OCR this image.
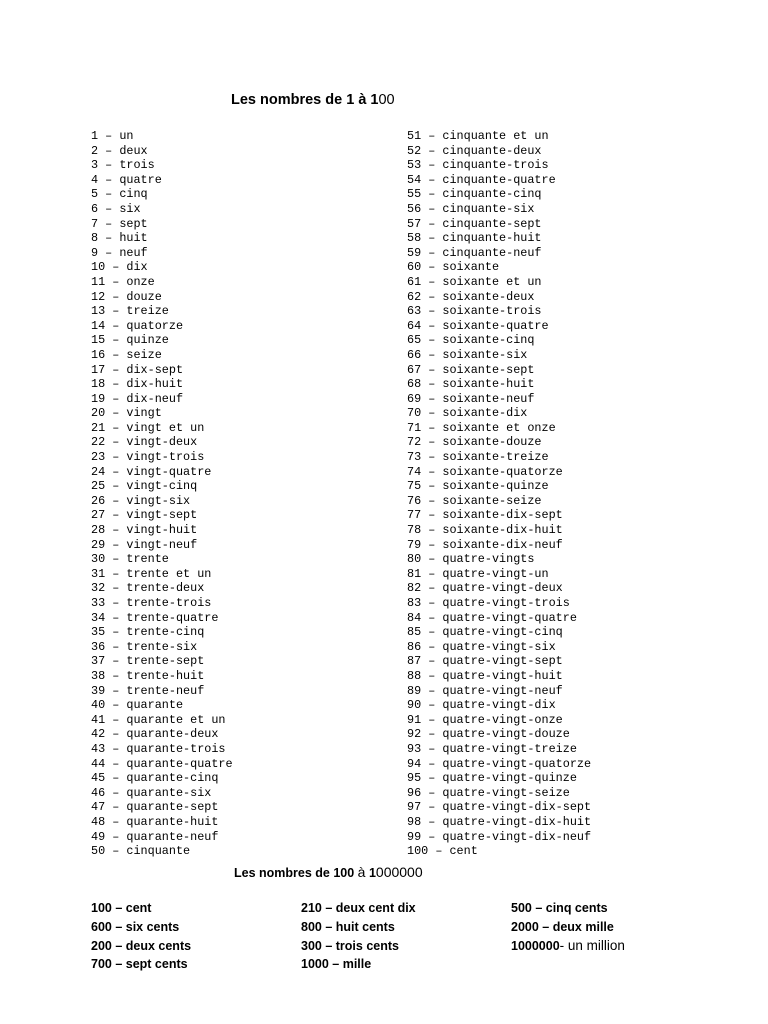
Les nombres de 1 à 100
1 – un
2 – deux
3 – trois
4 – quatre
5 – cinq
6 – six
7 – sept
8 – huit
9 – neuf
10 – dix
11 – onze
12 – douze
13 – treize
14 – quatorze
15 – quinze
16 – seize
17 – dix-sept
18 – dix-huit
19 – dix-neuf
20 – vingt
21 – vingt et un
22 – vingt-deux
23 – vingt-trois
24 – vingt-quatre
25 – vingt-cinq
26 – vingt-six
27 – vingt-sept
28 – vingt-huit
29 – vingt-neuf
30 – trente
31 – trente et un
32 – trente-deux
33 – trente-trois
34 – trente-quatre
35 – trente-cinq
36 – trente-six
37 – trente-sept
38 – trente-huit
39 – trente-neuf
40 – quarante
41 – quarante et un
42 – quarante-deux
43 – quarante-trois
44 – quarante-quatre
45 – quarante-cinq
46 – quarante-six
47 – quarante-sept
48 – quarante-huit
49 – quarante-neuf
50 – cinquante
51 – cinquante et un
52 – cinquante-deux
53 – cinquante-trois
54 – cinquante-quatre
55 – cinquante-cinq
56 – cinquante-six
57 – cinquante-sept
58 – cinquante-huit
59 – cinquante-neuf
60 – soixante
61 – soixante et un
62 – soixante-deux
63 – soixante-trois
64 – soixante-quatre
65 – soixante-cinq
66 – soixante-six
67 – soixante-sept
68 – soixante-huit
69 – soixante-neuf
70 – soixante-dix
71 – soixante et onze
72 – soixante-douze
73 – soixante-treize
74 – soixante-quatorze
75 – soixante-quinze
76 – soixante-seize
77 – soixante-dix-sept
78 – soixante-dix-huit
79 – soixante-dix-neuf
80 – quatre-vingts
81 – quatre-vingt-un
82 – quatre-vingt-deux
83 – quatre-vingt-trois
84 – quatre-vingt-quatre
85 – quatre-vingt-cinq
86 – quatre-vingt-six
87 – quatre-vingt-sept
88 – quatre-vingt-huit
89 – quatre-vingt-neuf
90 – quatre-vingt-dix
91 – quatre-vingt-onze
92 – quatre-vingt-douze
93 – quatre-vingt-treize
94 – quatre-vingt-quatorze
95 – quatre-vingt-quinze
96 – quatre-vingt-seize
97 – quatre-vingt-dix-sept
98 – quatre-vingt-dix-huit
99 – quatre-vingt-dix-neuf
100 – cent
Les nombres de 100 à 1000000
100 – cent
600 – six cents
200 – deux cents
700 – sept cents
210 – deux cent dix
800 – huit cents
300 – trois cents
1000 – mille
500 – cinq cents
2000 – deux mille
1000000- un million
